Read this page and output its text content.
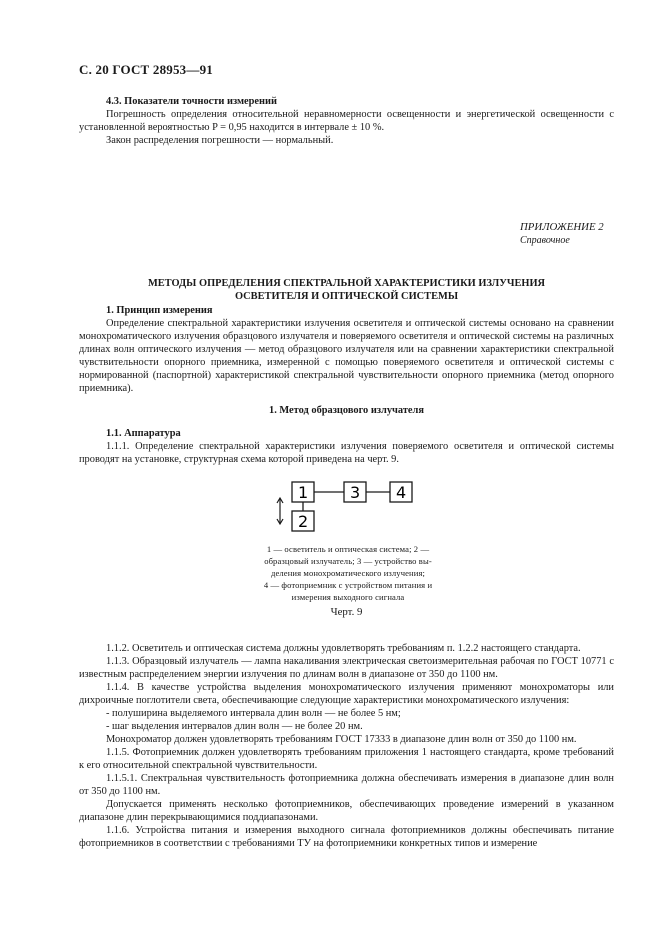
С. 20 ГОСТ 28953—91

4.3. Показатели точности измерений

Погрешность определения относительной неравномерности освещенности и энергетической освещенности с установленной вероятностью P = 0,95 находится в интервале ± 10 %.

Закон распределения погрешности — нормальный.

ПРИЛОЖЕНИЕ 2
Справочное
МЕТОДЫ ОПРЕДЕЛЕНИЯ СПЕКТРАЛЬНОЙ ХАРАКТЕРИСТИКИ ИЗЛУЧЕНИЯ
ОСВЕТИТЕЛЯ И ОПТИЧЕСКОЙ СИСТЕМЫ

1. Принцип измерения

Определение спектральной характеристики излучения осветителя и оптической системы основано на сравнении монохроматического излучения образцового излучателя и поверяемого осветителя и оптической системы на различных длинах волн оптического излучения — метод образцового излучателя или на сравнении характеристики спектральной чувствительности опорного приемника, измеренной с помощью поверяемого осветителя и оптической системы с нормированной (паспортной) характеристикой спектральной чувствительности опорного приемника (метод опорного приемника).

1. Метод образцового излучателя

1.1. Аппаратура

1.1.1. Определение спектральной характеристики излучения поверяемого осветителя и оптической системы проводят на установке, структурная схема которой приведена на черт. 9.

1
2
3 4
1 — осветитель и оптическая система; 2 —
образцовый излучатель; 3 — устройство вы-
деления монохроматического излучения;
4 — фотоприемник с устройством питания и
измерения выходного сигнала
Черт. 9

1.1.2. Осветитель и оптическая система должны удовлетворять требованиям п. 1.2.2 настоящего стандарта.

1.1.3. Образцовый излучатель — лампа накаливания электрическая светоизмерительная рабочая по ГОСТ 10771 с известным распределением энергии излучения по длинам волн в диапазоне от 350 до 1100 нм.

1.1.4. В качестве устройства выделения монохроматического излучения применяют монохроматоры или дихроичные поглотители света, обеспечивающие следующие характеристики монохроматического излучения:

- полуширина выделяемого интервала длин волн — не более 5 нм;

- шаг выделения интервалов длин волн — не более 20 нм.

Монохроматор должен удовлетворять требованиям ГОСТ 17333 в диапазоне длин волн от 350 до 1100 нм.

1.1.5. Фотоприемник должен удовлетворять требованиям приложения 1 настоящего стандарта, кроме требований к его относительной спектральной чувствительности.

1.1.5.1. Спектральная чувствительность фотоприемника должна обеспечивать измерения в диапазоне длин волн от 350 до 1100 нм.

Допускается применять несколько фотоприемников, обеспечивающих проведение измерений в указанном диапазоне длин перекрывающимися поддиапазонами.

1.1.6. Устройства питания и измерения выходного сигнала фотоприемников должны обеспечивать питание фотоприемников в соответствии с требованиями ТУ на фотоприемники конкретных типов и измерение
